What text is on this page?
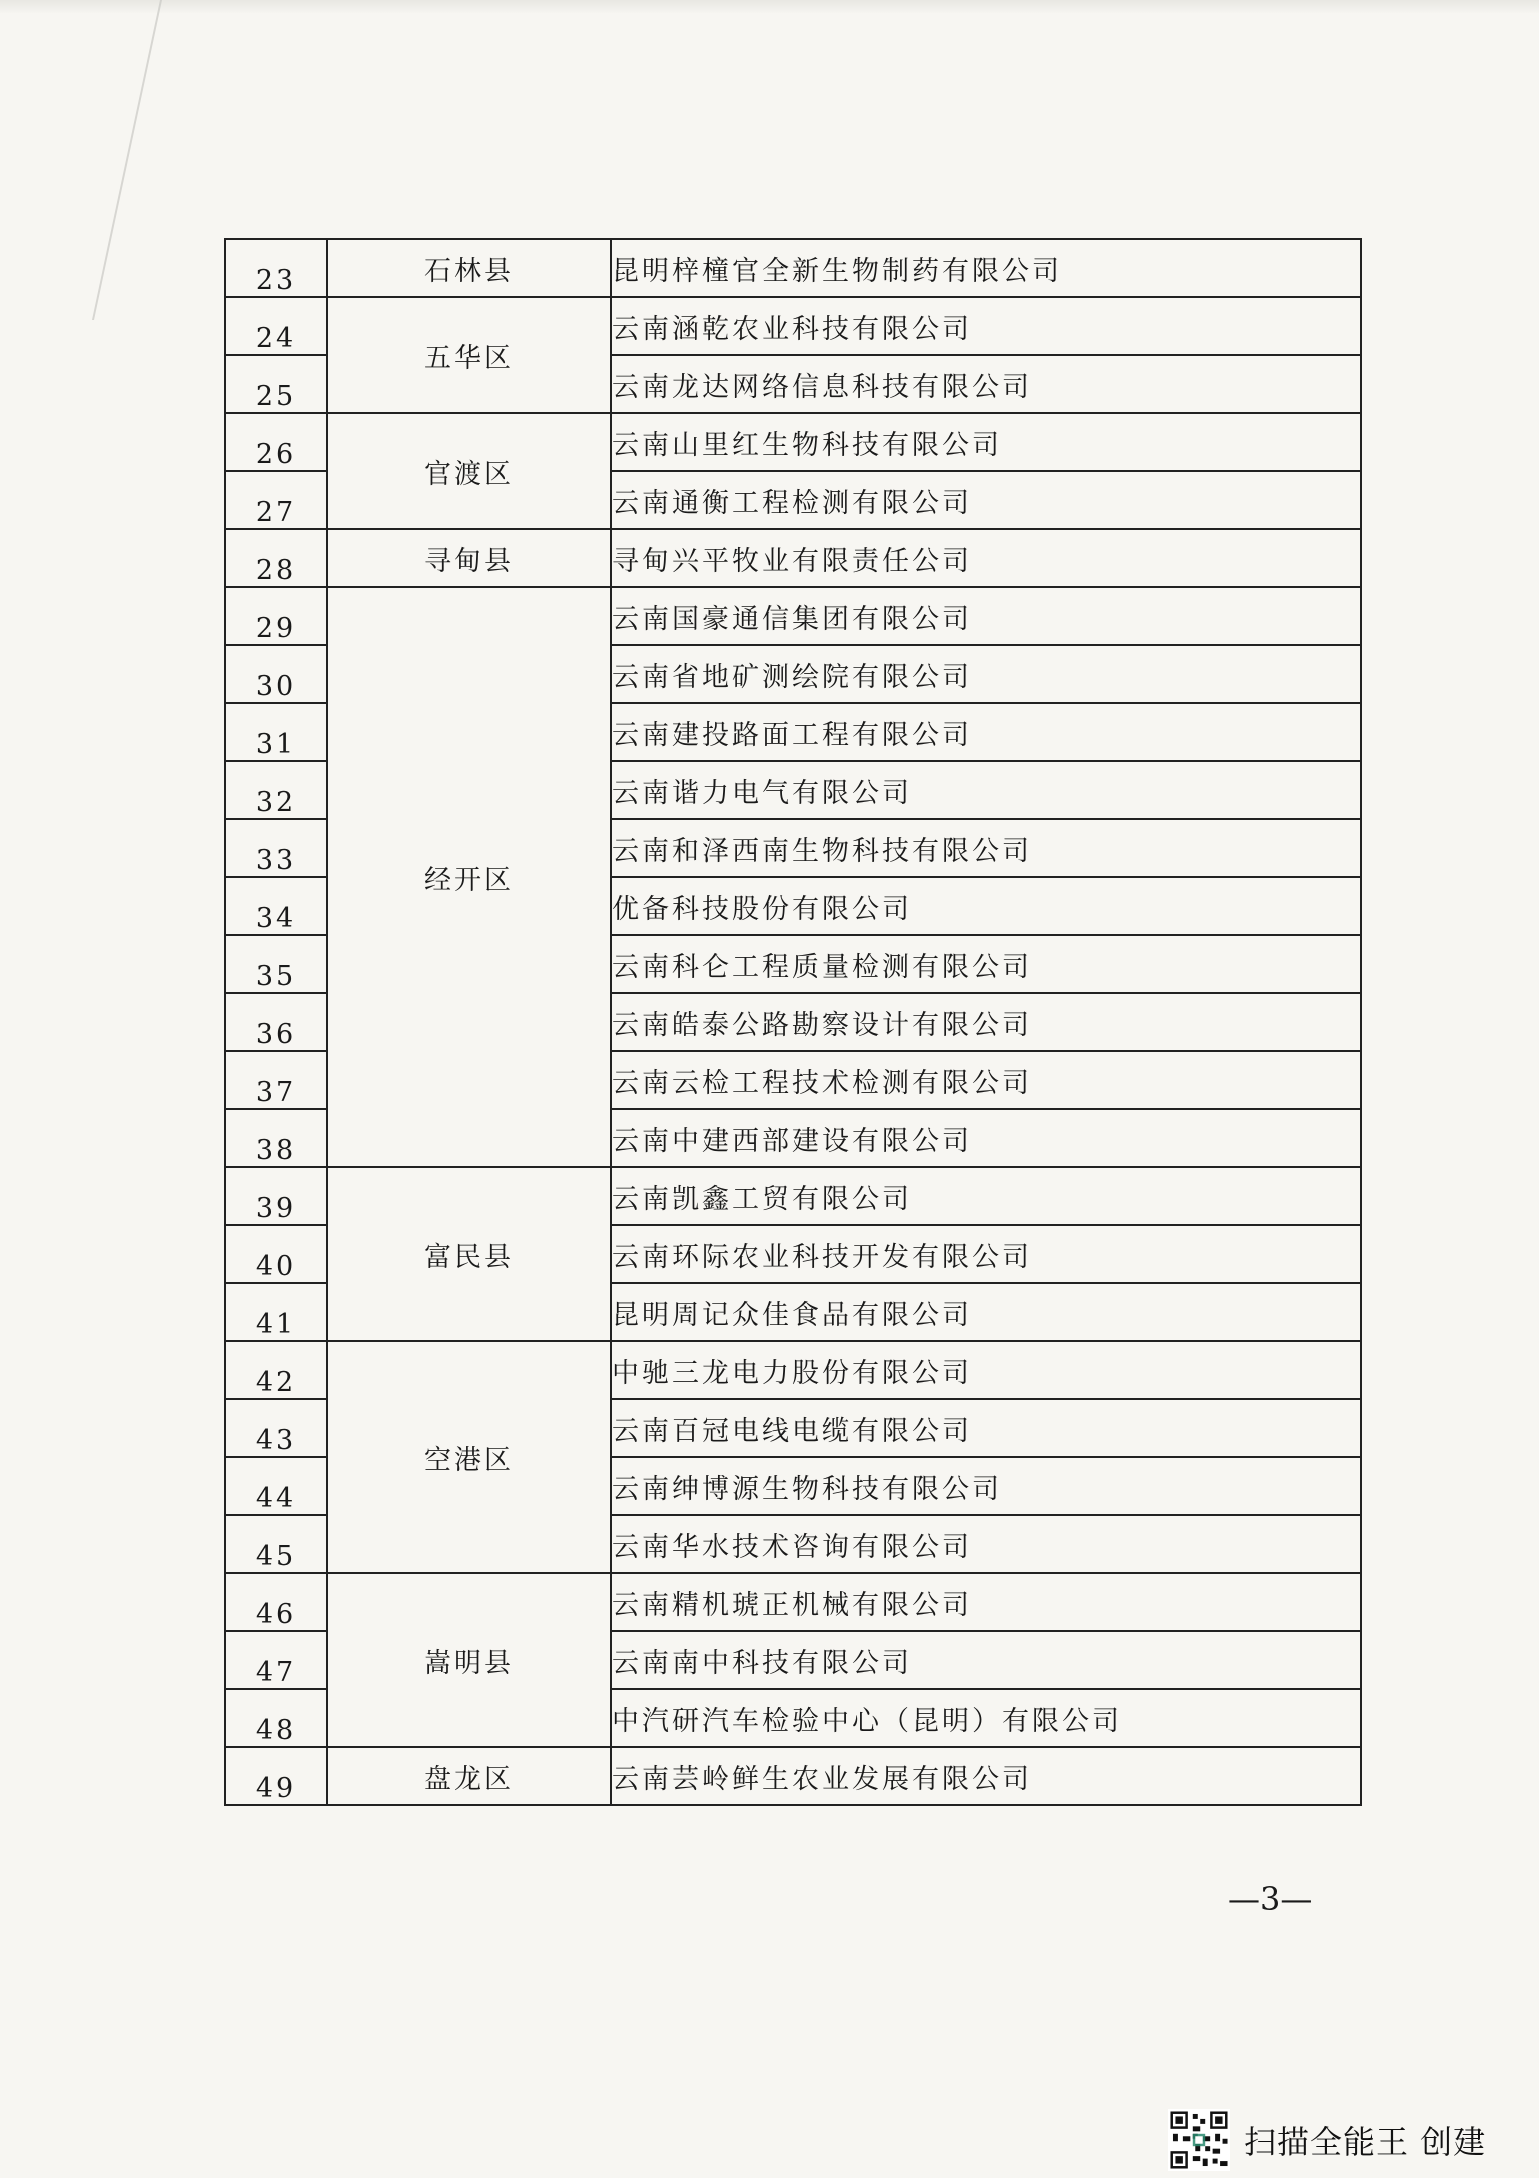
23	石林县	昆明梓橦官全新生物制药有限公司
24	五华区	云南涵乾农业科技有限公司
25		云南龙达网络信息科技有限公司
26	官渡区	云南山里红生物科技有限公司
27		云南通衡工程检测有限公司
28	寻甸县	寻甸兴平牧业有限责任公司
29	经开区	云南国豪通信集团有限公司
30		云南省地矿测绘院有限公司
31		云南建投路面工程有限公司
32		云南谐力电气有限公司
33		云南和泽西南生物科技有限公司
34		优备科技股份有限公司
35		云南科仑工程质量检测有限公司
36		云南皓泰公路勘察设计有限公司
37		云南云检工程技术检测有限公司
38		云南中建西部建设有限公司
39	富民县	云南凯鑫工贸有限公司
40		云南环际农业科技开发有限公司
41		昆明周记众佳食品有限公司
42	空港区	中驰三龙电力股份有限公司
43		云南百冠电线电缆有限公司
44		云南绅博源生物科技有限公司
45		云南华水技术咨询有限公司
46	嵩明县	云南精机琥正机械有限公司
47		云南南中科技有限公司
48		中汽研汽车检验中心（昆明）有限公司
49	盘龙区	云南芸岭鲜生农业发展有限公司
—3—
扫描全能王 创建
